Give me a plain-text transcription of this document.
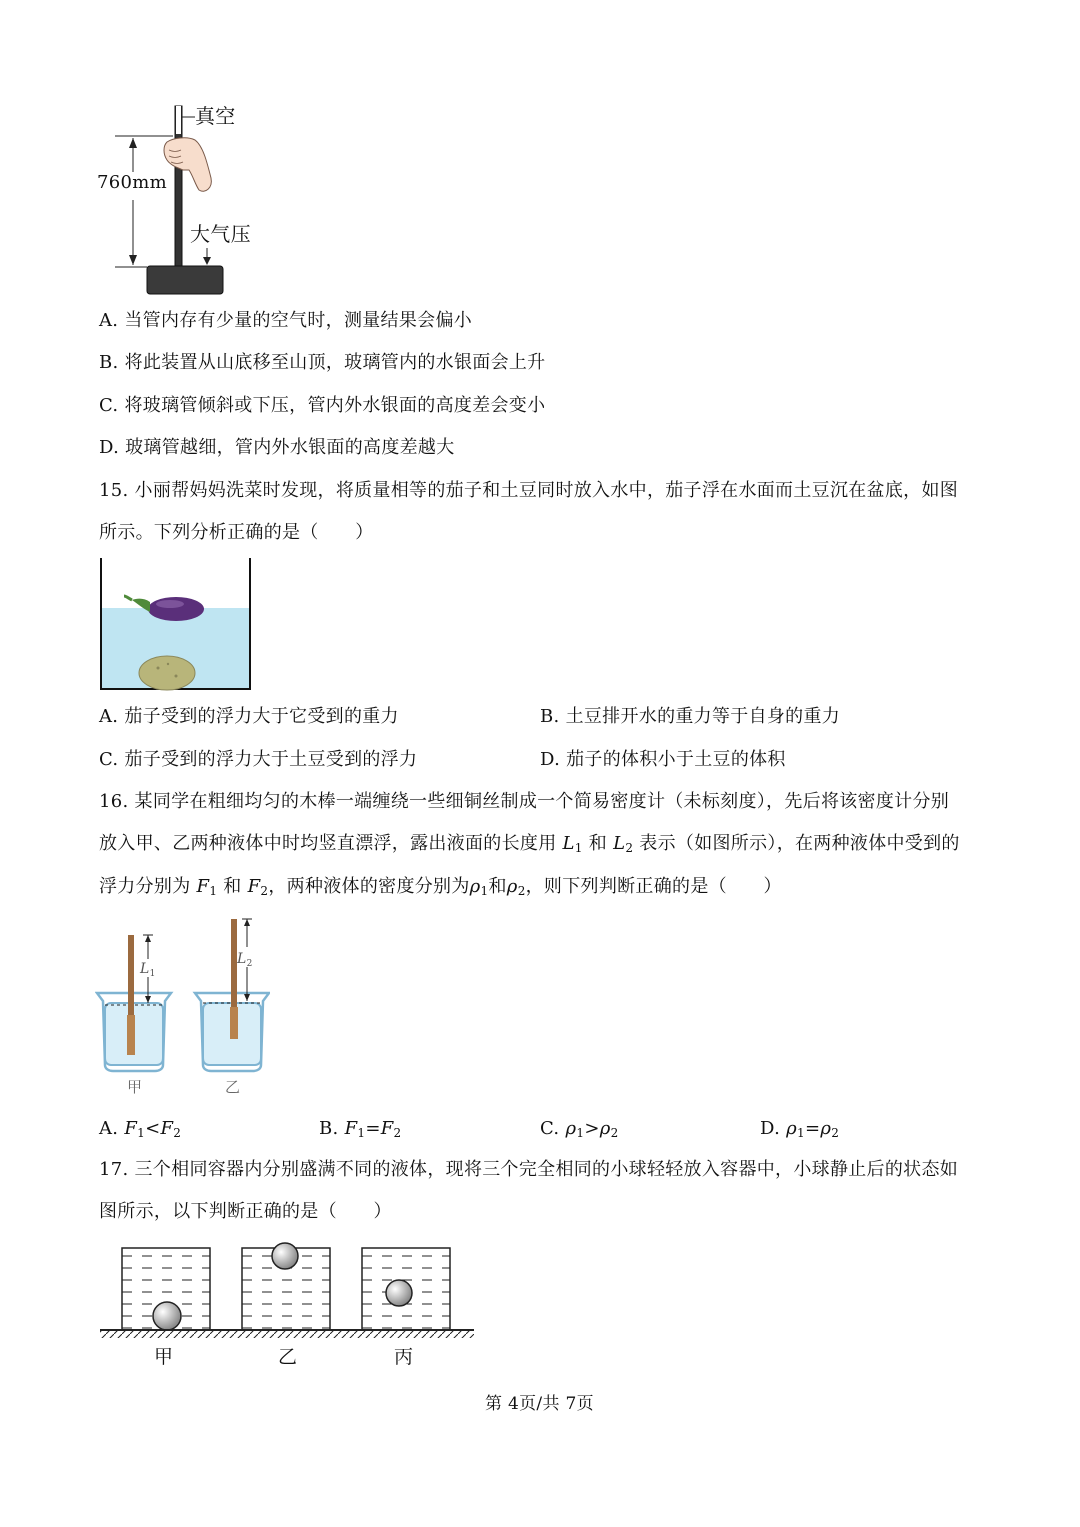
真空
760mm
大气压
A. 当管内存有少量的空气时，测量结果会偏小
B. 将此装置从山底移至山顶，玻璃管内的水银面会上升
C. 将玻璃管倾斜或下压，管内外水银面的高度差会变小
D. 玻璃管越细，管内外水银面的高度差越大
15. 小丽帮妈妈洗菜时发现，将质量相等的茄子和土豆同时放入水中，茄子浮在水面而土豆沉在盆底，如图
所示。下列分析正确的是（　　）
A. 茄子受到的浮力大于它受到的重力	B. 土豆排开水的重力等于自身的重力
C. 茄子受到的浮力大于土豆受到的浮力	D. 茄子的体积小于土豆的体积
16. 某同学在粗细均匀的木棒一端缠绕一些细铜丝制成一个简易密度计（未标刻度），先后将该密度计分别
放入甲、乙两种液体中时均竖直漂浮，露出液面的长度用 $L_1$ 和 $L_2$ 表示（如图所示），在两种液体中受到的
浮力分别为 $F_1$ 和 $F_2$，两种液体的密度分别为$\rho_1$和$\rho_2$，则下列判断正确的是（　　）
$L_1$
$L_2$
甲	乙
A. $F_1<F_2$	B. $F_1=F_2$	C. $\rho_1>\rho_2$	D. $\rho_1=\rho_2$
17. 三个相同容器内分别盛满不同的液体，现将三个完全相同的小球轻轻放入容器中，小球静止后的状态如
图所示，以下判断正确的是（　　）
甲	乙	丙
第 4页/共 7页
